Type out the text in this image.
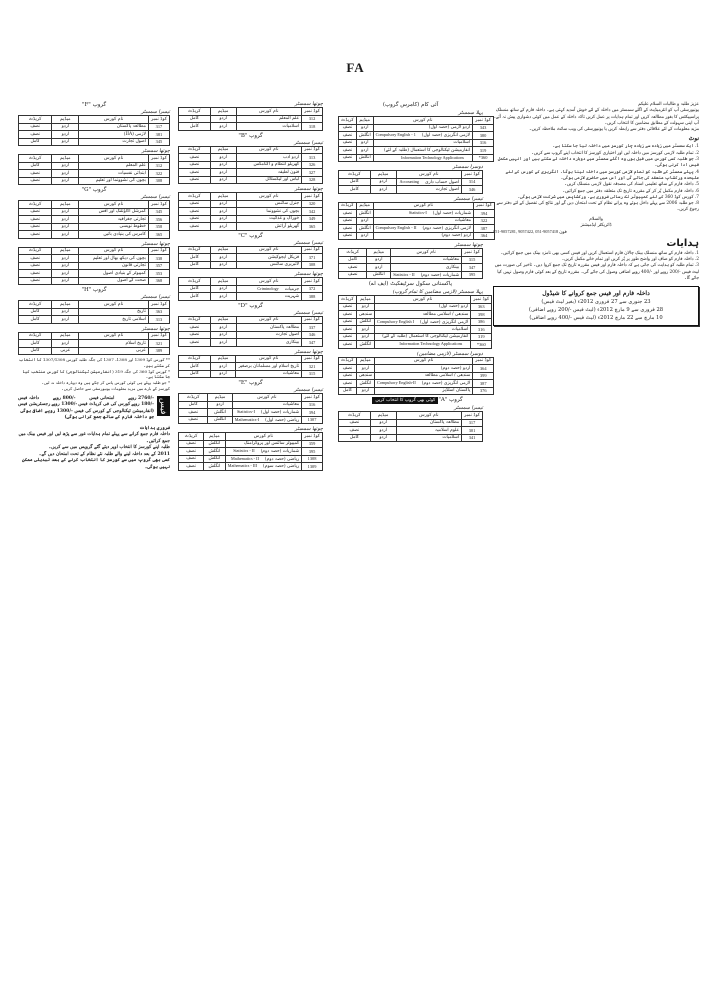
FA
عزیز طلبہ و طالبات السلام علیکم
یونیورسٹی آپ کو انٹرمیڈیٹ کے اگلے سمسٹر میں داخلہ کے لئے خوش آمدید کہتی ہے۔ داخلہ فارم کے ساتھ منسلک پراسپیکٹس کا بغور مطالعہ کریں اور تمام ہدایات پر عمل کریں تاکہ داخلہ کے عمل میں کوئی دشواری پیش نہ آئے۔ آپ اپنی سہولت کے مطابق مضامین کا انتخاب کریں۔
مزید معلومات کے لئے علاقائی دفتر سے رابطہ کریں یا یونیورسٹی کی ویب سائٹ ملاحظہ کریں۔
نوٹ
1. ایک سمسٹر میں زیادہ سے زیادہ چار کورسز میں داخلہ لیا جا سکتا ہے۔
2. تمام طلبہ لازمی کورسز میں داخلہ لیں اور اختیاری کورسز کا انتخاب اپنے گروپ سے کریں۔
3. جو طلبہ کسی کورس میں فیل ہوں وہ اگلے سمسٹر میں دوبارہ داخلہ لے سکتے ہیں اور انہیں مکمل فیس ادا کرنی ہوگی۔
4. پہلے سمسٹر کے طلبہ کو تمام لازمی کورسز میں داخلہ لینا ہوگا۔ انگریزی کے کورس کے لئے علیحدہ ورکشاپ منعقد کی جائے گی اور اس میں حاضری لازمی ہوگی۔
5. داخلہ فارم کے ساتھ تعلیمی اسناد کی مصدقہ نقول لازمی منسلک کریں۔
6. داخلہ فارم مکمل پُر کر کے مقررہ تاریخ تک متعلقہ دفتر میں جمع کرائیں۔
7. کورس کوڈ 360 کے لئے کمپیوٹر تک رسائی ضروری ہے۔ ورکشاپس میں شرکت لازمی ہوگی۔
8. جو طلبہ 2006 سے پہلے داخل ہوئے وہ پرانے نظام کے تحت امتحان دیں گے اور نتائج کی تفصیل کے لئے دفتر سے رجوع کریں۔
والسلام
ڈائریکٹر ایڈمیشنز
051-9057281, 9057422, 051-9057418 فون
ہدایات
1. داخلہ فارم کے ساتھ منسلک بینک چالان فارم استعمال کریں اور فیس کسی بھی نامزد بینک میں جمع کرائیں۔
2. داخلہ فارم کو صاف اور واضح طور پر پُر کریں اور تمام خانے مکمل کریں۔
3. تمام طلبہ کو ہدایت کی جاتی ہے کہ داخلہ فارم اور فیس مقررہ تاریخ تک جمع کروا دیں۔ تاخیر کی صورت میں لیٹ فیس -/200 روپے اور -/400 روپے اضافی وصول کی جائے گی۔ مقررہ تاریخ کے بعد کوئی فارم وصول نہیں کیا جائے گا۔
داخلہ فارم اور فیس جمع کروانے کا شیڈول
23 جنوری سے 27 فروری 2012ء (بغیر لیٹ فیس)
28 فروری سے 9 مارچ 2012ء (لیٹ فیس -/200 روپے اضافی)
10 مارچ سے 22 مارچ 2012ء (لیٹ فیس -/400 روپے اضافی)
آئی کام (کامرس گروپ)
پہلا سمسٹر
کوڈ نمبر	نام کورس	میڈیم	کریڈٹ
343	اردو لازمی (حصہ اول)	اردو	نصف
380	لازمی انگریزی (حصہ اول)Compulsory English - 1	انگلش	نصف
316	اسلامیات	اردو	نصف
319	انفارمیشن ٹیکنالوجی کا استعمال (طلبہ کے لئے)	اردو	نصف
360*	Information Technology Applications	انگلش	نصف
دوسرا سمسٹر
کوڈ نمبر	نام کورس	میڈیم	کریڈٹ
314	اصول حساب داریAccounting	اردو	کامل
346	اصول تجارت	اردو	کامل
تیسرا سمسٹر
کوڈ نمبر	نام کورس	میڈیم	کریڈٹ
394	شماریات (حصہ اول)Statistics-I	انگلش	نصف
322	معاشیات	اردو	نصف
387	لازمی انگریزی (حصہ دوم)Compulsory English - II	انگلش	نصف
364	اردو (حصہ دوم)	اردو	نصف
چوتھا سمسٹر
کوڈ نمبر	نام کورس	میڈیم	کریڈٹ
315	معاشیات	اردو	کامل
347	بینکاری	اردو	نصف
395	شماریات (حصہ دوم)Statistics - II	انگلش	نصف
پاکستانی سکول سرٹیفکیٹ (ایف اے)
پہلا سمسٹر (لازمی مضامین کا تمام گروپ)
کوڈ نمبر	نام کورس	میڈیم	کریڈٹ
363	اردو (حصہ اول)	اردو	نصف
398	سندھی / اسلامی مطالعہ	سندھی	نصف
386	لازمی انگریزی (حصہ اول)Compulsory English I	انگلش	نصف
316	اسلامیات	اردو	نصف
319	انفارمیشن ٹیکنالوجی کا استعمال (طلبہ کے لئے)	اردو	نصف
360*	Information Technology Applications	انگلش	نصف
دوسرا سمسٹر (لازمی مضامین)
کوڈ نمبر	نام کورس	میڈیم	کریڈٹ
364	اردو (حصہ دوم)	اردو	نصف
399	سندھی / اسلامی مطالعہ	سندھی	نصف
387	لازمی انگریزی (حصہ دوم)Compulsory English-II	انگلش	نصف
376	پاکستان اسٹڈیز	اردو	کامل
گروپ "A"کوئی بھی گروپ کا انتخاب کریں
تیسرا سمسٹر
کوڈ نمبر	نام کورس	میڈیم	کریڈٹ
317	مطالعہ پاکستان	اردو	نصف
301	علوم اسلامیہ	اردو	نصف
341	اسلامیات	اردو	کامل
چوتھا سمسٹر
کوڈ نمبر	نام کورس	میڈیم	کریڈٹ
312	علم المعلم	اردو	کامل
318	اسلامیات	اردو	کامل
گروپ "B"
تیسرا سمسٹر
کوڈ نمبر	نام کورس	میڈیم	کریڈٹ
313	اردو ادب	اردو	نصف
326	گھریلو انتظام و اکنامکس	اردو	نصف
327	فنون لطیفہ	اردو	نصف
328	لباس اور ٹیکسٹائل	اردو	نصف
چوتھا سمسٹر
کوڈ نمبر	نام کورس	میڈیم	کریڈٹ
320	جنرل سائنس	اردو	نصف
342	بچوں کی نشوونما	اردو	نصف
349	خوراک و غذائیت	اردو	نصف
365	گھریلو آرائش	اردو	نصف
گروپ "C"
تیسرا سمسٹر
کوڈ نمبر	نام کورس	میڈیم	کریڈٹ
371	فزیکل ایجوکیشن	اردو	کامل
308	لائبریری سائنس	اردو	کامل
چوتھا سمسٹر
کوڈ نمبر	نام کورس	میڈیم	کریڈٹ
372	جرمیاتCriminology	اردو	کامل
388	شہریت	اردو	کامل
گروپ "D"
تیسرا سمسٹر
کوڈ نمبر	نام کورس	میڈیم	کریڈٹ
337	مطالعہ پاکستان	اردو	نصف
346	اصول تجارت	اردو	نصف
347	بینکاری	اردو	نصف
چوتھا سمسٹر
کوڈ نمبر	نام کورس	میڈیم	کریڈٹ
321	تاریخ اسلام اور مسلمانان برصغیر	اردو	کامل
315	معاشیات	اردو	کامل
گروپ "E"
تیسرا سمسٹر
کوڈ نمبر	نام کورس	میڈیم	کریڈٹ
316	معاشیات	اردو	کامل
394	شماریات (حصہ اول)Statistics-I	انگلش	نصف
1307	ریاضی (حصہ اول)Mathematics-I	انگلش	نصف
چوتھا سمسٹر
کوڈ نمبر	نام کورس	میڈیم	کریڈٹ
359	کمپیوٹر سائنس اور پروگرامنگ	انگلش	نصف
395	شماریات (حصہ دوم)Statistics - II	انگلش	نصف
1308	ریاضی (حصہ دوم)Mathematics - II	انگلش	نصف
1309	ریاضی (حصہ سوم)Mathematics - III	انگلش	نصف
گروپ "F"
تیسرا سمسٹر
کوڈ نمبر	نام کورس	میڈیم	کریڈٹ
317	مطالعہ پاکستان	اردو	نصف
381	لازمی (IIA)	اردو	نصف
345	اصول تجارت	اردو	کامل
چوتھا سمسٹر
کوڈ نمبر	نام کورس	میڈیم	کریڈٹ
312	علم المعلم	اردو	کامل
322	ابتدائی نفسیات	اردو	نصف
308	بچوں کی نشوونما اور تعلیم	اردو	نصف
گروپ "G"
تیسرا سمسٹر
کوڈ نمبر	نام کورس	میڈیم	کریڈٹ
345	کمرشل اکاؤنٹنگ اور آفس	اردو	نصف
356	تجارتی جغرافیہ	اردو	نصف
358	خطوط نویسی	اردو	نصف
365	کامرس کی بنیادی باتیں	اردو	نصف
چوتھا سمسٹر
کوڈ نمبر	نام کورس	میڈیم	کریڈٹ
338	بچوں کی دیکھ بھال اور تعلیم	اردو	نصف
357	تجارتی قانون	اردو	نصف
353	کمپیوٹر کے بنیادی اصول	اردو	نصف
368	صحت کے اصول	اردو	نصف
گروپ "H"
تیسرا سمسٹر
کوڈ نمبر	نام کورس	میڈیم	کریڈٹ
363	تاریخ	اردو	کامل
313	اسلامی تاریخ	اردو	کامل
چوتھا سمسٹر
کوڈ نمبر	نام کورس	میڈیم	کریڈٹ
321	تاریخ اسلام	اردو	کامل
389	عربی	عربی	کامل
** کورس کوڈ 1309 اور 1308، 1307 کی جگہ طلبہ کورس 1307/1308 کا انتخاب کر سکتے ہیں۔
* کورس کوڈ 360 کی جگہ 319 (انفارمیشن ٹیکنالوجی) کا کورس منتخب کیا جا سکتا ہے۔
* جو طلبہ پہلے ہی کوئی کورس پاس کر چکے ہیں وہ دوبارہ داخلہ نہ لیں۔
کورسز کے بارے میں مزید معلومات یونیورسٹی سے حاصل کریں۔
فیس
داخلہ فیس	-/800 روپے	امتحانی فیس	-/2760 روپے
رجسٹریشن فیس -/1300 روپے کورس کی فی کریڈٹ فیس -/180 روپے
(انفارمیشن ٹیکنالوجی کے کورس کی فیس -/1300 روپے اضافی ہوگی جو داخلہ فارم کے ساتھ جمع کرانی ہوگی)
ضروری ہدایات
داخلہ فارم جمع کرانے سے پہلے تمام ہدایات غور سے پڑھ لیں اور فیس بینک میں جمع کرائیں۔
طلبہ اپنے کورسز کا انتخاب اوپر دیئے گئے گروپس میں سے کریں۔
2011 کے بعد داخلہ لینے والے طلبہ نئے نظام کے تحت امتحان دیں گے۔
کسی بھی گروپ میں سے کورسز کا انتخاب کرنے کے بعد تبدیلی ممکن نہیں ہوگی۔
